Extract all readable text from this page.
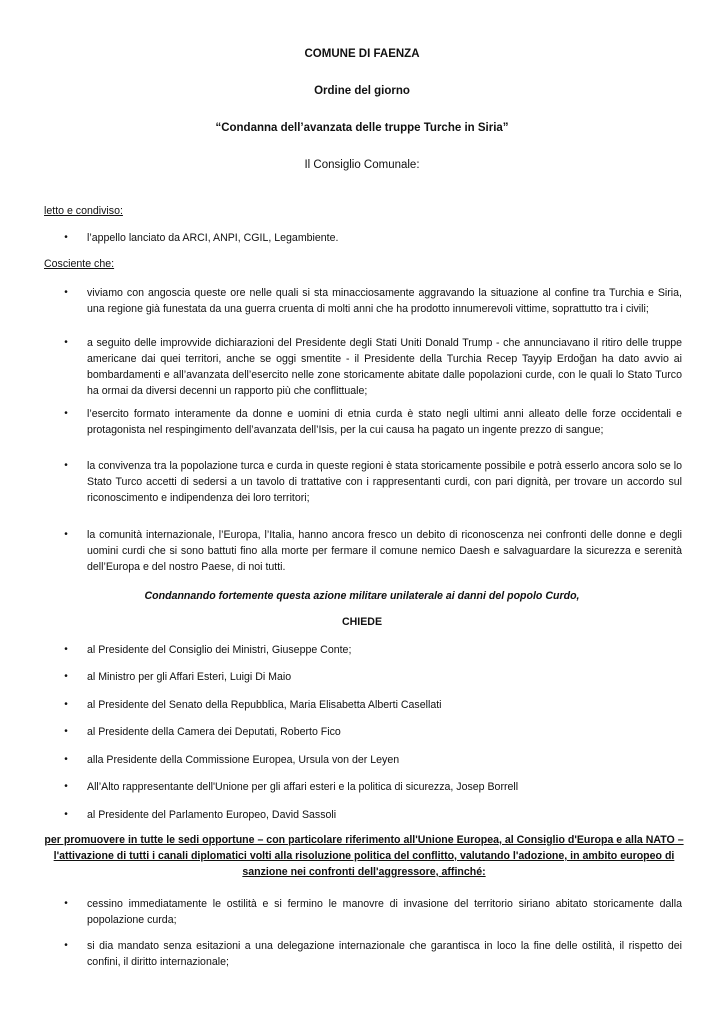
COMUNE DI FAENZA
Ordine del giorno
“Condanna dell’avanzata delle truppe Turche in Siria”
Il Consiglio Comunale:
letto e condiviso:
•	l’appello lanciato da ARCI, ANPI, CGIL, Legambiente.
Cosciente che:
•	viviamo con angoscia queste ore nelle quali si sta minacciosamente aggravando la situazione al confine tra Turchia e Siria, una regione già funestata da una guerra cruenta di molti anni che ha prodotto innumerevoli vittime, soprattutto tra i civili;
•	a seguito delle improvvide dichiarazioni del Presidente degli Stati Uniti Donald Trump - che annunciavano il ritiro delle truppe americane dai quei territori, anche se oggi smentite - il Presidente della Turchia Recep Tayyip Erdoğan ha dato avvio ai bombardamenti e all’avanzata dell’esercito nelle zone storicamente abitate dalle popolazioni curde, con le quali lo Stato Turco ha ormai da diversi decenni un rapporto più che conflittuale;
•	l’esercito formato interamente da donne e uomini di etnia curda è stato negli ultimi anni alleato delle forze occidentali e protagonista nel respingimento dell’avanzata dell’Isis, per la cui causa ha pagato un ingente prezzo di sangue;
•	la convivenza tra la popolazione turca e curda in queste regioni è stata storicamente possibile e potrà esserlo ancora solo se lo Stato Turco accetti di sedersi a un tavolo di trattative con i rappresentanti curdi, con pari dignità, per trovare un accordo sul riconoscimento e indipendenza dei loro territori;
•	la comunità internazionale, l’Europa, l’Italia, hanno ancora fresco un debito di riconoscenza nei confronti delle donne e degli uomini curdi che si sono battuti fino alla morte per fermare il comune nemico Daesh e salvaguardare la sicurezza e serenità dell’Europa e del nostro Paese, di noi tutti.
Condannando fortemente questa azione militare unilaterale ai danni del popolo Curdo,
CHIEDE
•	al Presidente del Consiglio dei Ministri, Giuseppe Conte;
•	al Ministro per gli Affari Esteri, Luigi Di Maio
•	al Presidente del Senato della Repubblica, Maria Elisabetta Alberti Casellati
•	al Presidente della Camera dei Deputati, Roberto Fico
•	alla Presidente della Commissione Europea, Ursula von der Leyen
•	All’Alto rappresentante dell'Unione per gli affari esteri e la politica di sicurezza, Josep Borrell
•	al Presidente del Parlamento Europeo, David Sassoli
per promuovere in tutte le sedi opportune – con particolare riferimento all'Unione Europea, al Consiglio d'Europa e alla NATO – l'attivazione di tutti i canali diplomatici volti alla risoluzione politica del conflitto, valutando l'adozione, in ambito europeo di sanzione nei confronti dell'aggressore, affinché:
•	cessino immediatamente le ostilità e si fermino le manovre di invasione del territorio siriano abitato storicamente dalla popolazione curda;
•	si dia mandato senza esitazioni a una delegazione internazionale che garantisca in loco la fine delle ostilità, il rispetto dei confini, il diritto internazionale;
